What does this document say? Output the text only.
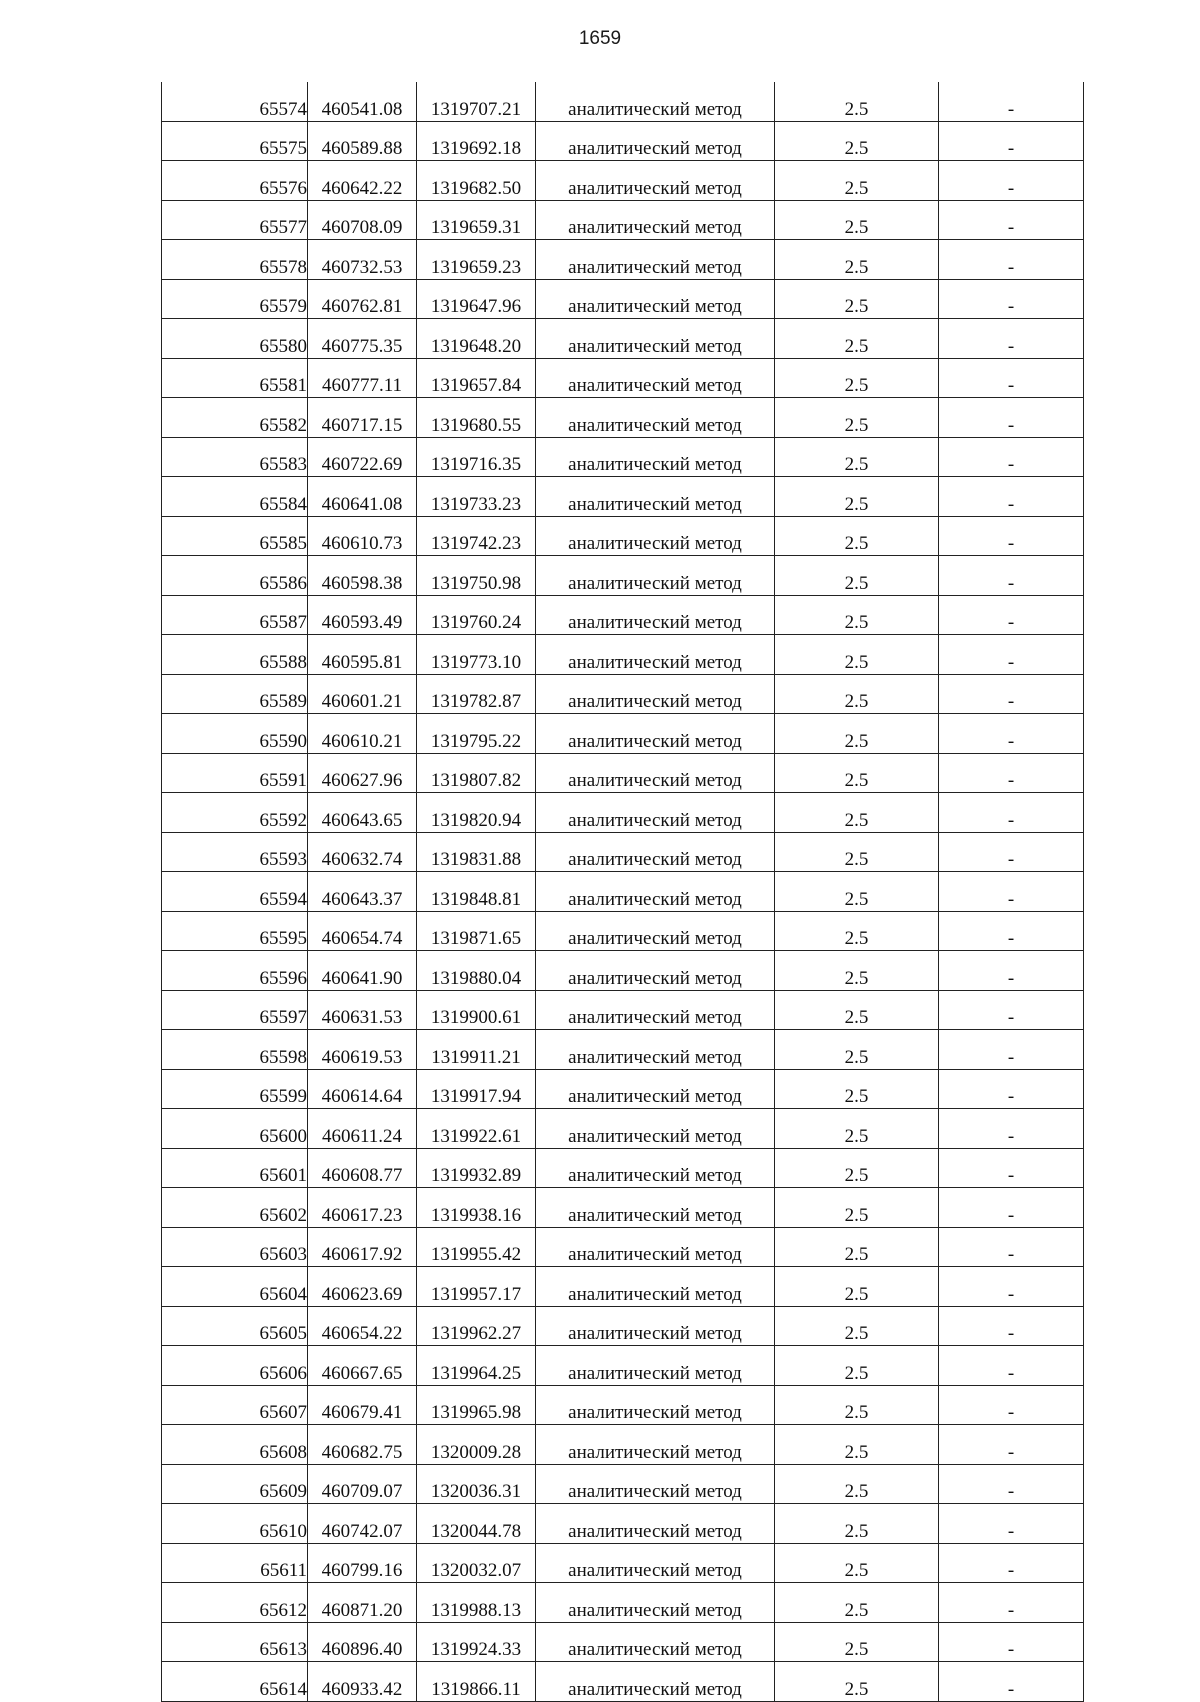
1659
65574	460541.08	1319707.21	аналитический метод	2.5	-
65575	460589.88	1319692.18	аналитический метод	2.5	-
65576	460642.22	1319682.50	аналитический метод	2.5	-
65577	460708.09	1319659.31	аналитический метод	2.5	-
65578	460732.53	1319659.23	аналитический метод	2.5	-
65579	460762.81	1319647.96	аналитический метод	2.5	-
65580	460775.35	1319648.20	аналитический метод	2.5	-
65581	460777.11	1319657.84	аналитический метод	2.5	-
65582	460717.15	1319680.55	аналитический метод	2.5	-
65583	460722.69	1319716.35	аналитический метод	2.5	-
65584	460641.08	1319733.23	аналитический метод	2.5	-
65585	460610.73	1319742.23	аналитический метод	2.5	-
65586	460598.38	1319750.98	аналитический метод	2.5	-
65587	460593.49	1319760.24	аналитический метод	2.5	-
65588	460595.81	1319773.10	аналитический метод	2.5	-
65589	460601.21	1319782.87	аналитический метод	2.5	-
65590	460610.21	1319795.22	аналитический метод	2.5	-
65591	460627.96	1319807.82	аналитический метод	2.5	-
65592	460643.65	1319820.94	аналитический метод	2.5	-
65593	460632.74	1319831.88	аналитический метод	2.5	-
65594	460643.37	1319848.81	аналитический метод	2.5	-
65595	460654.74	1319871.65	аналитический метод	2.5	-
65596	460641.90	1319880.04	аналитический метод	2.5	-
65597	460631.53	1319900.61	аналитический метод	2.5	-
65598	460619.53	1319911.21	аналитический метод	2.5	-
65599	460614.64	1319917.94	аналитический метод	2.5	-
65600	460611.24	1319922.61	аналитический метод	2.5	-
65601	460608.77	1319932.89	аналитический метод	2.5	-
65602	460617.23	1319938.16	аналитический метод	2.5	-
65603	460617.92	1319955.42	аналитический метод	2.5	-
65604	460623.69	1319957.17	аналитический метод	2.5	-
65605	460654.22	1319962.27	аналитический метод	2.5	-
65606	460667.65	1319964.25	аналитический метод	2.5	-
65607	460679.41	1319965.98	аналитический метод	2.5	-
65608	460682.75	1320009.28	аналитический метод	2.5	-
65609	460709.07	1320036.31	аналитический метод	2.5	-
65610	460742.07	1320044.78	аналитический метод	2.5	-
65611	460799.16	1320032.07	аналитический метод	2.5	-
65612	460871.20	1319988.13	аналитический метод	2.5	-
65613	460896.40	1319924.33	аналитический метод	2.5	-
65614	460933.42	1319866.11	аналитический метод	2.5	-
